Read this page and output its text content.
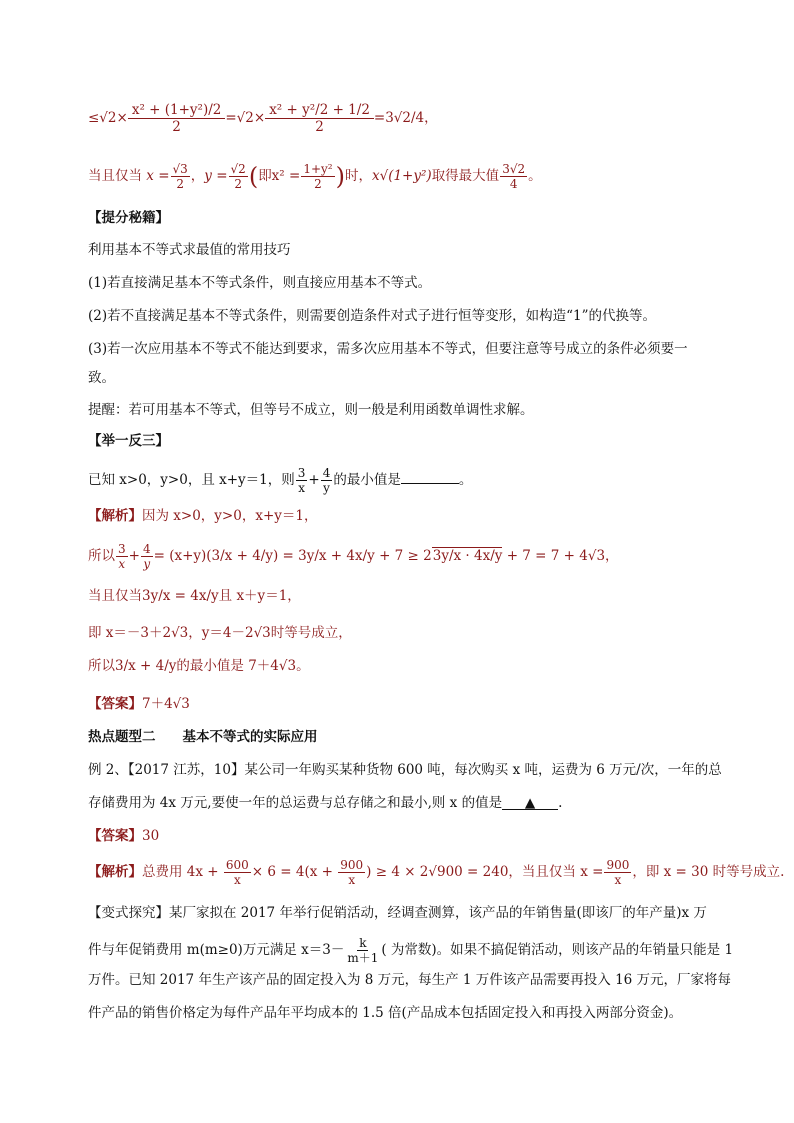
$\le√2\times \frac{\text{x² + (1+y²)/2}}{2} =√2\times \frac{\text{x² + y²/2 + 1/2}}{2} =3√2/4$，
当且仅当 $x = \frac{√3}{2}$ ，$y = \frac{√2}{2}$ (即$x^2 = \frac{\text{1+y²}}{2}$ )时，x√(1+y²)取得最大值 $\frac{3√2}{4}$ 。
【提分秘籍】
利用基本不等式求最值的常用技巧
(1)若直接满足基本不等式条件，则直接应用基本不等式。
(2)若不直接满足基本不等式条件，则需要创造条件对式子进行恒等变形，如构造“1”的代换等。
(3)若一次应用基本不等式不能达到要求，需多次应用基本不等式，但要注意等号成立的条件必须要一
致。
提醒：若可用基本不等式，但等号不成立，则一般是利用函数单调性求解。
【举一反三】
已知 x>0，y>0，且 x+y＝1，则 $\frac{3}{x} + \frac{4}{y}$ 的最小值是	。
【解析】因为 x>0，y>0，x+y＝1，
所以 $\frac{3}{x} + \frac{4}{y} = (x+y)(3/x + 4/y) = 3y/x + 4x/y + 7 \ge 23y/x \cdot 4x/y + 7 = 7 + 4√3$，
当且仅当3y/x = 4x/y且 x＋y＝1，
即 x＝－3＋2√3，y＝4－2√3时等号成立，
所以3/x + 4/y的最小值是 7＋4√3。
【答案】7＋4√3
热点题型二　　基本不等式的实际应用
例 2、【2017 江苏，10】某公司一年购买某种货物 600 吨，每次购买 x 吨，运费为 6 万元/次，一年的总
存储费用为 4x 万元,要使一年的总运费与总存储之和最小,则 x 的值是 ▲ .
【答案】30
【解析】总费用 $4x + \frac{600}{x} \times 6 = 4(x + \frac{900}{x}$ ) ≥ 4 × 2√900 = 240，当且仅当 $x = \frac{900}{x}$ ，即 x = 30 时等号成立.
【变式探究】某厂家拟在 2017 年举行促销活动，经调查测算，该产品的年销售量(即该厂的年产量)x 万
件与年促销费用 m(m≥0)万元满足 $x=3- \frac{k}{m+1}$ ( 为常数)。如果不搞促销活动，则该产品的年销量只能是 1
万件。已知 2017 年生产该产品的固定投入为 8 万元，每生产 1 万件该产品需要再投入 16 万元，厂家将每
件产品的销售价格定为每件产品年平均成本的 1.5 倍(产品成本包括固定投入和再投入两部分资金)。
